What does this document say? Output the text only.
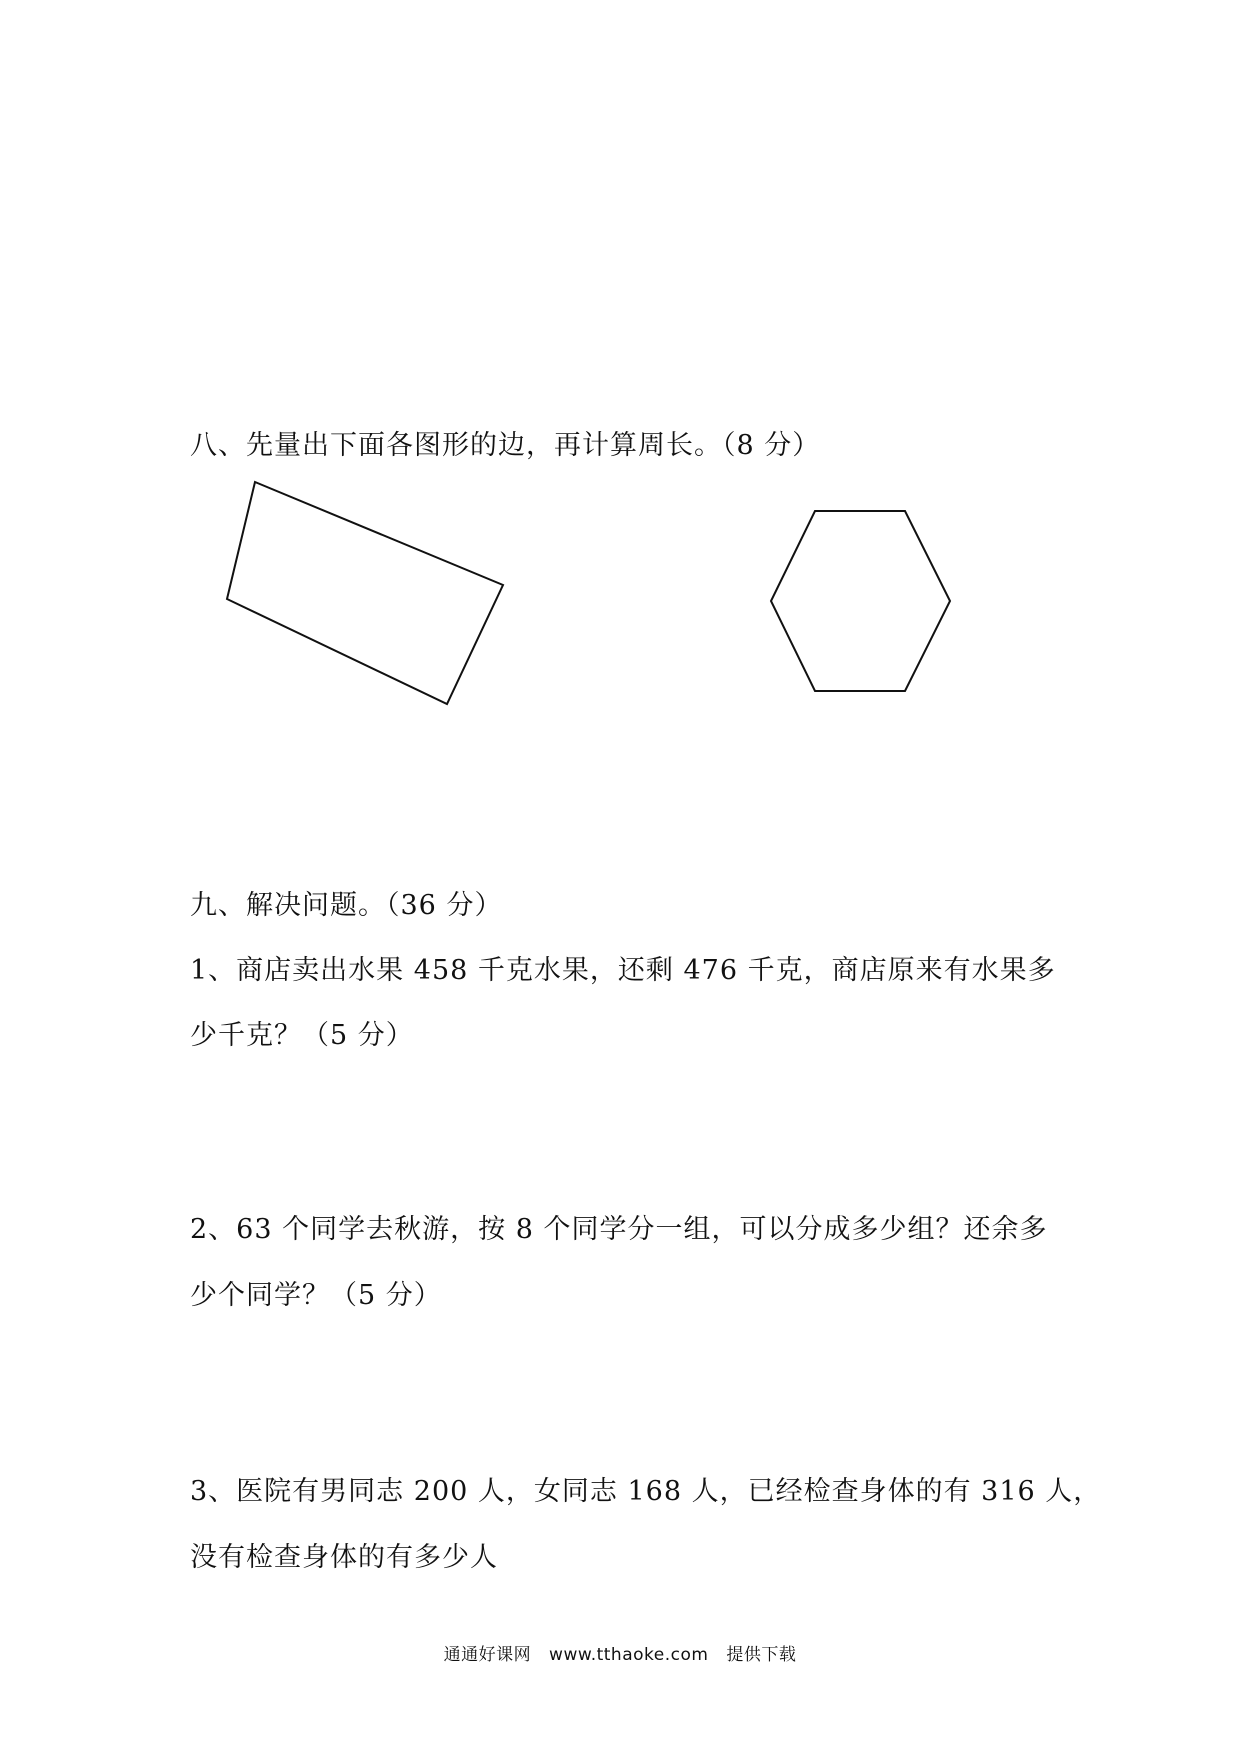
八、先量出下面各图形的边，再计算周长。（8 分）
九、解决问题。（36 分）
1、商店卖出水果 458 千克水果，还剩 476 千克，商店原来有水果多
少千克？（5 分）
2、63 个同学去秋游，按 8 个同学分一组，可以分成多少组？还余多
少个同学？（5 分）
3、医院有男同志 200 人，女同志 168 人，已经检查身体的有 316 人，
没有检查身体的有多少人
通通好课网 www.tthaoke.com 提供下载
